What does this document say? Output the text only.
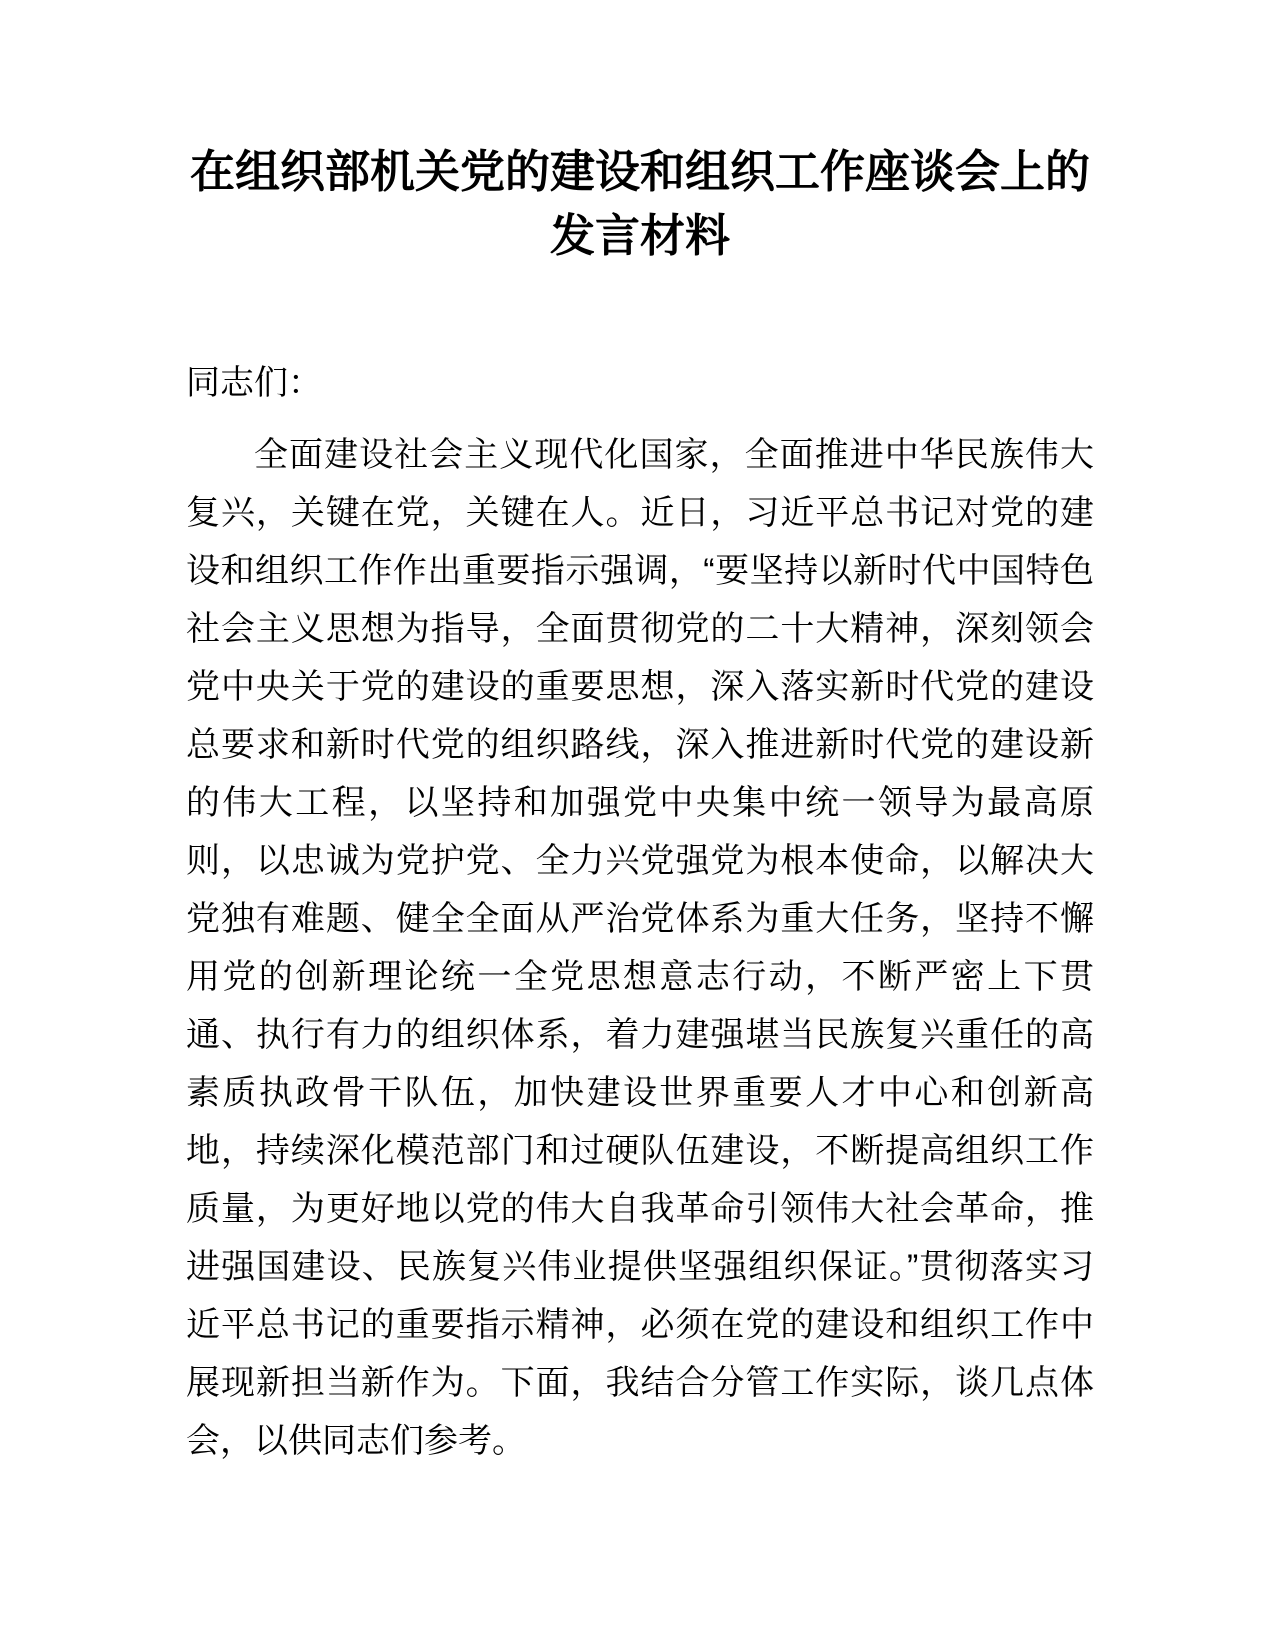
在组织部机关党的建设和组织工作座谈会上的
发言材料

同志们：

全面建设社会主义现代化国家，全面推进中华民族伟大复兴，关键在党，关键在人。近日，习近平总书记对党的建设和组织工作作出重要指示强调，“要坚持以新时代中国特色社会主义思想为指导，全面贯彻党的二十大精神，深刻领会党中央关于党的建设的重要思想，深入落实新时代党的建设总要求和新时代党的组织路线，深入推进新时代党的建设新的伟大工程，以坚持和加强党中央集中统一领导为最高原则，以忠诚为党护党、全力兴党强党为根本使命，以解决大党独有难题、健全全面从严治党体系为重大任务，坚持不懈用党的创新理论统一全党思想意志行动，不断严密上下贯通、执行有力的组织体系，着力建强堪当民族复兴重任的高素质执政骨干队伍，加快建设世界重要人才中心和创新高地，持续深化模范部门和过硬队伍建设，不断提高组织工作质量，为更好地以党的伟大自我革命引领伟大社会革命，推进强国建设、民族复兴伟业提供坚强组织保证。”贯彻落实习近平总书记的重要指示精神，必须在党的建设和组织工作中展现新担当新作为。下面，我结合分管工作实际，谈几点体会，以供同志们参考。
